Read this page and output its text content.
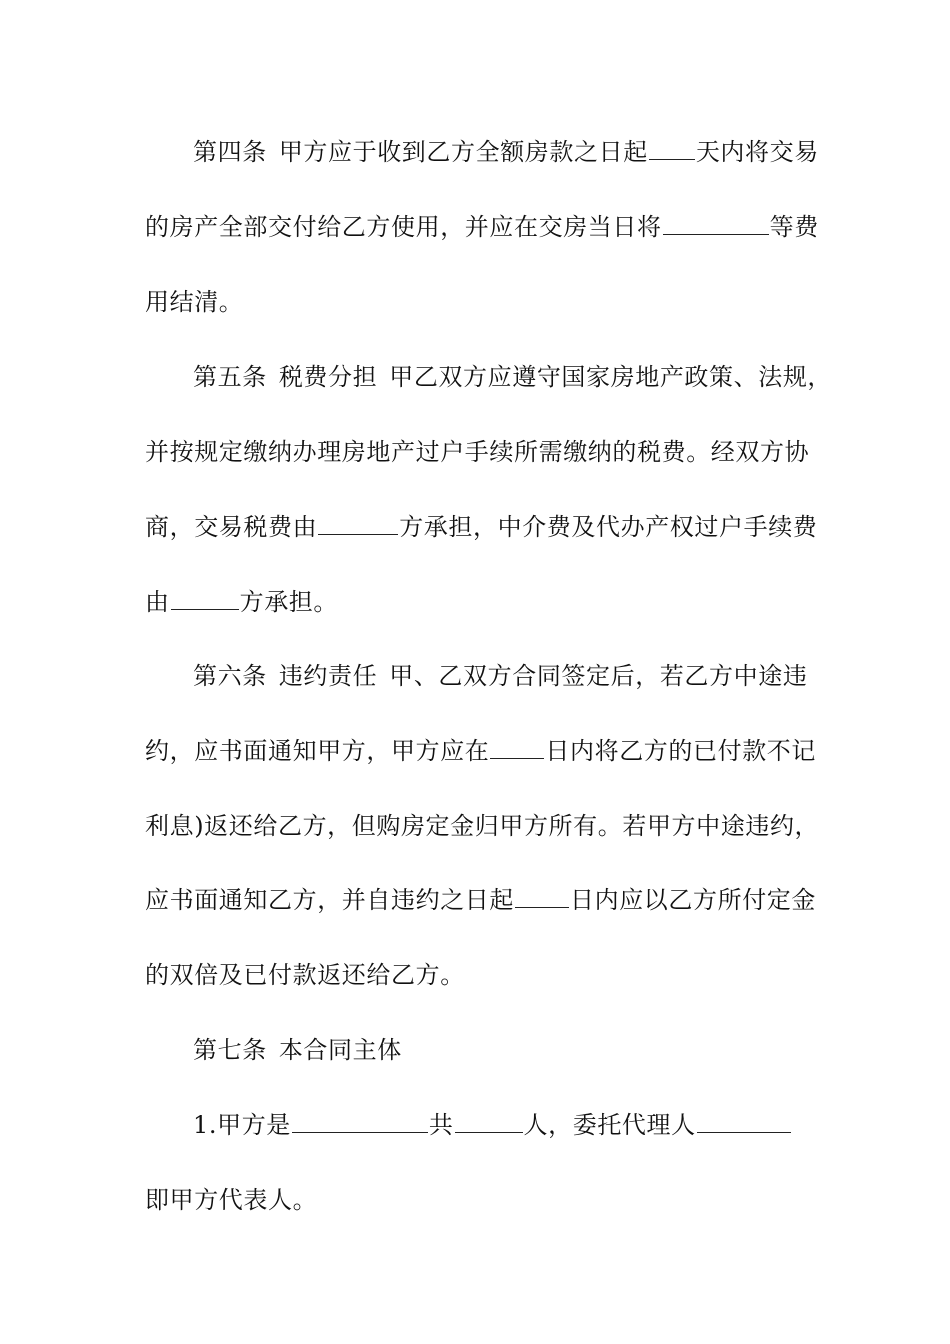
第四条 甲方应于收到乙方全额房款之日起 天内将交易
的房产全部交付给乙方使用，并应在交房当日将	等费
用结清。
第五条 税费分担 甲乙双方应遵守国家房地产政策、法规，
并按规定缴纳办理房地产过户手续所需缴纳的税费。经双方协
商，交易税费由	方承担，中介费及代办产权过户手续费
由	方承担。
第六条 违约责任 甲、乙双方合同签定后，若乙方中途违
约，应书面通知甲方，甲方应在 日内将乙方的已付款不记
利息)返还给乙方，但购房定金归甲方所有。若甲方中途违约，
应书面通知乙方，并自违约之日起 日内应以乙方所付定金
的双倍及已付款返还给乙方。
第七条 本合同主体
1.甲方是	共	人，委托代理人
即甲方代表人。
